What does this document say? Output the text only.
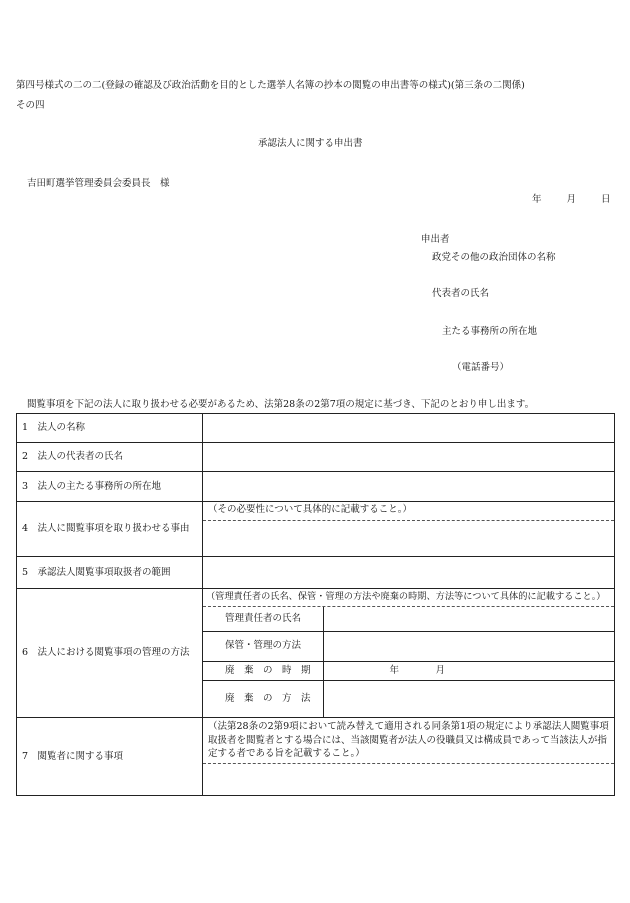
第四号様式の二の二(登録の確認及び政治活動を目的とした選挙人名簿の抄本の閲覧の申出書等の様式)(第三条の二関係)
その四
承認法人に関する申出書
吉田町選挙管理委員会委員長　様
年　　月　　日
申出者
政党その他の政治団体の名称
代表者の氏名
主たる事務所の所在地
（電話番号）
閲覧事項を下記の法人に取り扱わせる必要があるため、法第28条の2第7項の規定に基づき、下記のとおり申し出ます。
1　法人の名称	
2　法人の代表者の氏名	
3　法人の主たる事務所の所在地	
4　法人に閲覧事項を取り扱わせる事由	
（その必要性について具体的に記載すること。）

5　承認法人閲覧事項取扱者の範囲	
6　法人における閲覧事項の管理の方法	
（管理責任者の氏名、保管・管理の方法や廃棄の時期、方法等について具体的に記載すること。）
管理責任者の氏名	
保管・管理の方法	
廃　棄　の　時　期	年　　　月
廃　棄　の　方　法	

7　閲覧者に関する事項	
（法第28条の2第9項において読み替えて適用される同条第1項の規定により承認法人閲覧事項取扱者を閲覧者とする場合には、当該閲覧者が法人の役職員又は構成員であって当該法人が指定する者である旨を記載すること。）
